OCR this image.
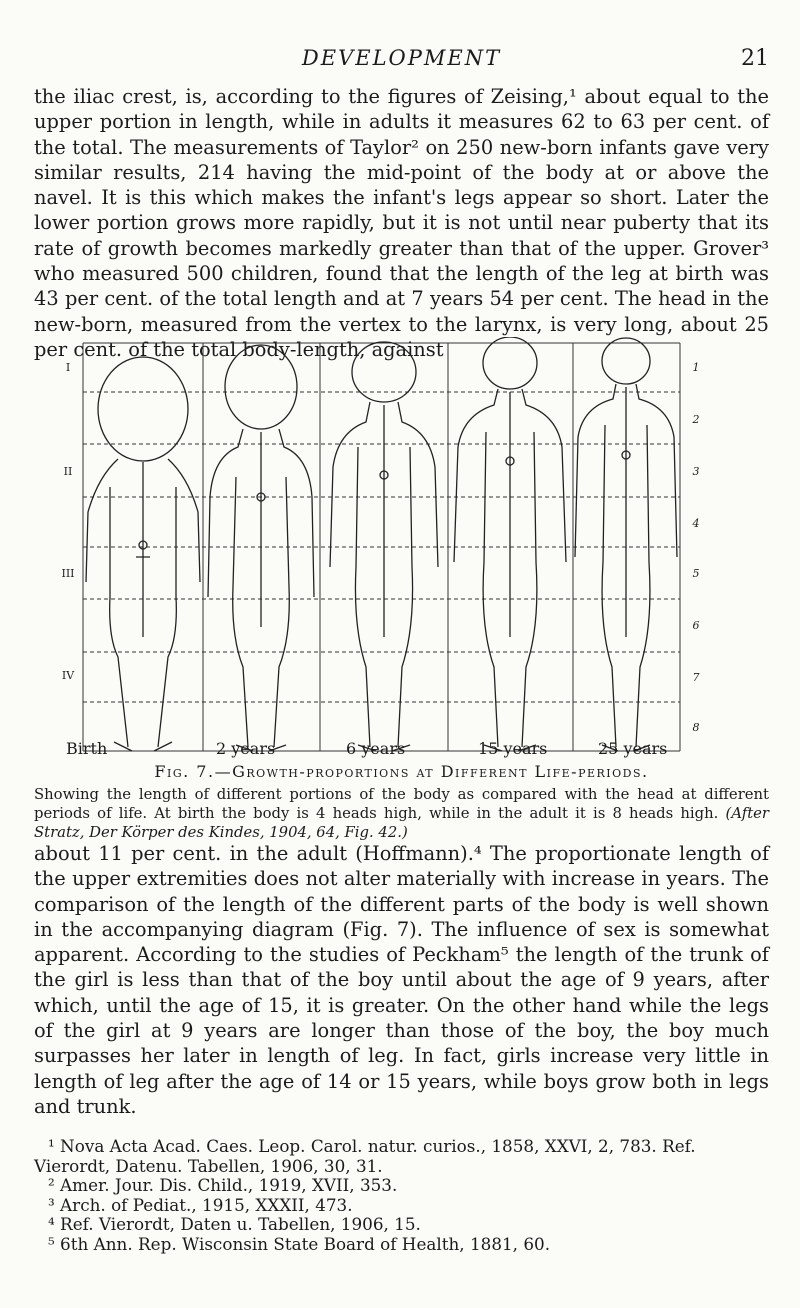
DEVELOPMENT	21

the iliac crest, is, according to the figures of Zeising,¹ about equal to the upper portion in length, while in adults it measures 62 to 63 per cent. of the total. The measurements of Taylor² on 250 new-born infants gave very similar results, 214 having the mid-point of the body at or above the navel. It is this which makes the infant's legs appear so short. Later the lower portion grows more rapidly, but it is not until near puberty that its rate of growth becomes markedly greater than that of the upper. Grover³ who measured 500 children, found that the length of the leg at birth was 43 per cent. of the total length and at 7 years 54 per cent. The head in the new-born, measured from the vertex to the larynx, is very long, about 25 per cent. of the total body-length, against

I
II
III
IV
1
2
3
4
5
6
7
8
Birth	2 years	6 years	15 years	25 years
Fig. 7.—Growth-proportions at Different Life-periods.

Showing the length of different portions of the body as compared with the head at different periods of life. At birth the body is 4 heads high, while in the adult it is 8 heads high. (After Stratz, Der Körper des Kindes, 1904, 64, Fig. 42.)

about 11 per cent. in the adult (Hoffmann).⁴ The proportionate length of the upper extremities does not alter materially with increase in years. The comparison of the length of the different parts of the body is well shown in the accompanying diagram (Fig. 7). The influence of sex is somewhat apparent. According to the studies of Peckham⁵ the length of the trunk of the girl is less than that of the boy until about the age of 9 years, after which, until the age of 15, it is greater. On the other hand while the legs of the girl at 9 years are longer than those of the boy, the boy much surpasses her later in length of leg. In fact, girls increase very little in length of leg after the age of 14 or 15 years, while boys grow both in legs and trunk.

¹ Nova Acta Acad. Caes. Leop. Carol. natur. curios., 1858, XXVI, 2, 783. Ref. Vierordt, Datenu. Tabellen, 1906, 30, 31.

² Amer. Jour. Dis. Child., 1919, XVII, 353.

³ Arch. of Pediat., 1915, XXXII, 473.

⁴ Ref. Vierordt, Daten u. Tabellen, 1906, 15.

⁵ 6th Ann. Rep. Wisconsin State Board of Health, 1881, 60.
